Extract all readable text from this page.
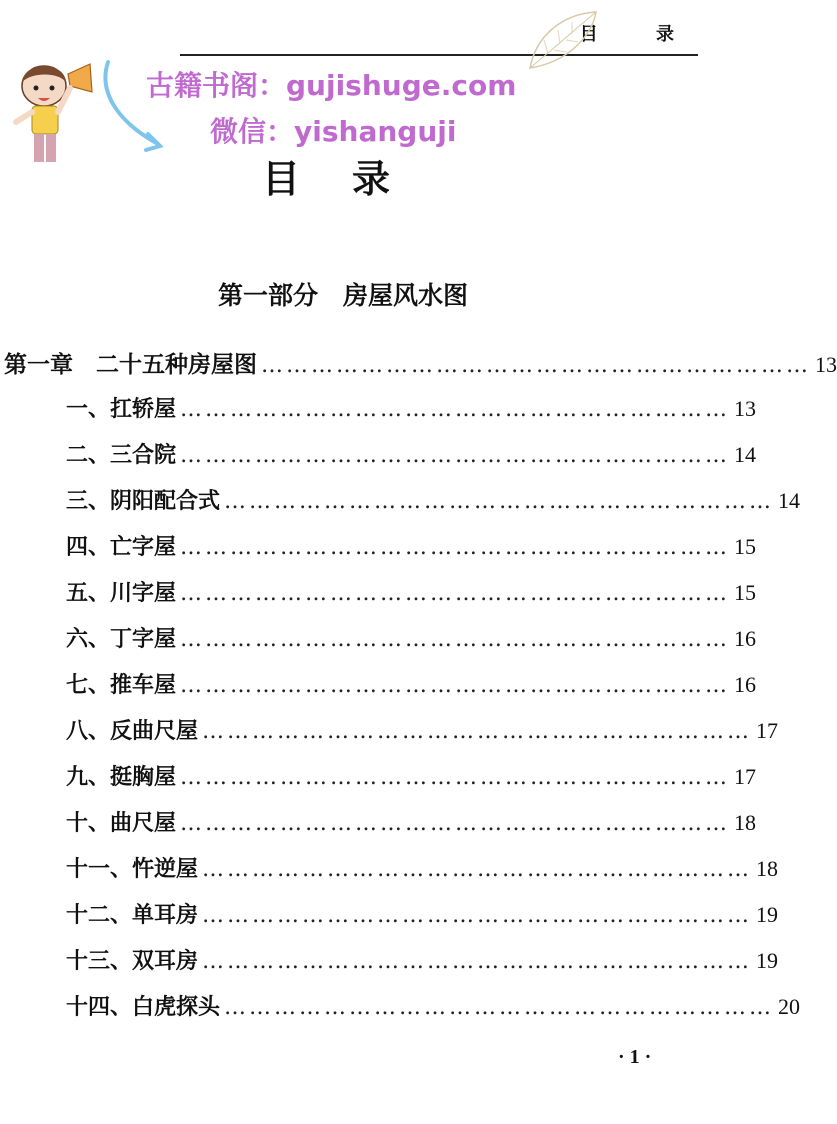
目 录
古籍书阁：gujishuge.com
微信：yishanguji
目录
第一部分　房屋风水图
第一章　二十五种房屋图 ………………………………………………………… 13
一、扛轿屋 ………………………………………………………… 13
二、三合院 ………………………………………………………… 14
三、阴阳配合式 ………………………………………………………… 14
四、亡字屋 ………………………………………………………… 15
五、川字屋 ………………………………………………………… 15
六、丁字屋 ………………………………………………………… 16
七、推车屋 ………………………………………………………… 16
八、反曲尺屋 ………………………………………………………… 17
九、挺胸屋 ………………………………………………………… 17
十、曲尺屋 ………………………………………………………… 18
十一、忤逆屋 ………………………………………………………… 18
十二、单耳房 ………………………………………………………… 19
十三、双耳房 ………………………………………………………… 19
十四、白虎探头 ………………………………………………………… 20
· 1 ·
